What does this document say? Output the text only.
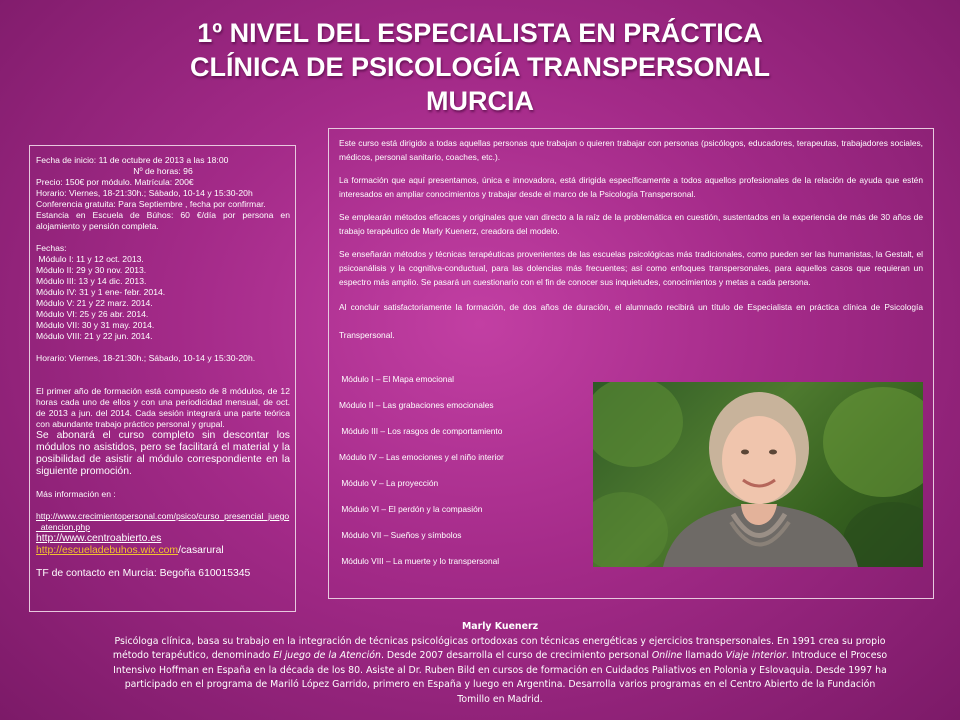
1º NIVEL DEL ESPECIALISTA EN PRÁCTICA
CLÍNICA DE PSICOLOGÍA TRANSPERSONAL
MURCIA

Fecha de inicio: 11 de octubre de 2013 a las 18:00

Nº de horas: 96

Precio: 150€ por módulo. Matrícula: 200€

Horario: Viernes, 18-21:30h.; Sábado, 10-14 y 15:30-20h

Conferencia gratuita: Para Septiembre , fecha por confirmar.

Estancia en Escuela de Búhos: 60 €/día por persona en alojamiento y pensión completa.

Fechas:

Módulo I: 11 y 12 oct. 2013.

Módulo II: 29 y 30 nov. 2013.

Módulo III: 13 y 14 dic. 2013.

Módulo IV: 31 y 1 ene- febr. 2014.

Módulo V: 21 y 22 marz. 2014.

Módulo VI: 25 y 26 abr. 2014.

Módulo VII: 30 y 31 may. 2014.

Módulo VIII: 21 y 22 jun. 2014.

Horario: Viernes, 18-21:30h.; Sábado, 10-14 y 15:30-20h.

El primer año de formación está compuesto de 8 módulos, de 12 horas cada uno de ellos y con una periodicidad mensual, de oct. de 2013 a jun. del 2014. Cada sesión integrará una parte teórica con abundante trabajo práctico personal y grupal.

Se abonará el curso completo sin descontar los módulos no asistidos, pero se facilitará el material y la posibilidad de asistir al módulo correspondiente en la siguiente promoción.

Más información en :

http://www.crecimientopersonal.com/psico/curso_presencial_juego_atencion.php

http://www.centroabierto.es

http://escueladebuhos.wix.com/casarural

TF de contacto en Murcia: Begoña 610015345

Este curso está dirigido a todas aquellas personas que trabajan o quieren trabajar con personas (psicólogos, educadores, terapeutas, trabajadores sociales, médicos, personal sanitario, coaches, etc.).

La formación que aquí presentamos, única e innovadora, está dirigida específicamente a todos aquellos profesionales de la relación de ayuda que estén interesados en ampliar conocimientos y trabajar desde el marco de la Psicología Transpersonal.

Se emplearán métodos eficaces y originales que van directo a la raíz de la problemática en cuestión, sustentados en la experiencia de más de 30 años de trabajo terapéutico de Marly Kuenerz, creadora del modelo.

Se enseñarán métodos y técnicas terapéuticas provenientes de las escuelas psicológicas más tradicionales, como pueden ser las humanistas, la Gestalt, el psicoanálisis y la cognitiva-conductual, para las dolencias más frecuentes; así como enfoques transpersonales, para aquellos casos que requieran un espectro más amplio. Se pasará un cuestionario con el fin de conocer sus inquietudes, conocimientos y metas a cada persona.

Al concluir satisfactoriamente la formación, de dos años de duración, el alumnado recibirá un título de Especialista en práctica clínica de Psicología Transpersonal.

Módulo I – El Mapa emocional
Módulo II – Las grabaciones emocionales
Módulo III – Los rasgos de comportamiento
Módulo IV – Las emociones y el niño interior
Módulo V – La proyección
Módulo VI – El perdón y la compasión
Módulo VII – Sueños y símbolos
Módulo VIII – La muerte y lo transpersonal
Marly Kuenerz
Psicóloga clínica, basa su trabajo en la integración de técnicas psicológicas ortodoxas con técnicas energéticas y ejercicios transpersonales. En 1991 crea su propio método terapéutico, denominado El juego de la Atención. Desde 2007 desarrolla el curso de crecimiento personal Online llamado Viaje interior. Introduce el Proceso Intensivo Hoffman en España en la década de los 80. Asiste al Dr. Ruben Bild en cursos de formación en Cuidados Paliativos en Polonia y Eslovaquia. Desde 1997 ha participado en el programa de Mariló López Garrido, primero en España y luego en Argentina. Desarrolla varios programas en el Centro Abierto de la Fundación Tomillo en Madrid.
